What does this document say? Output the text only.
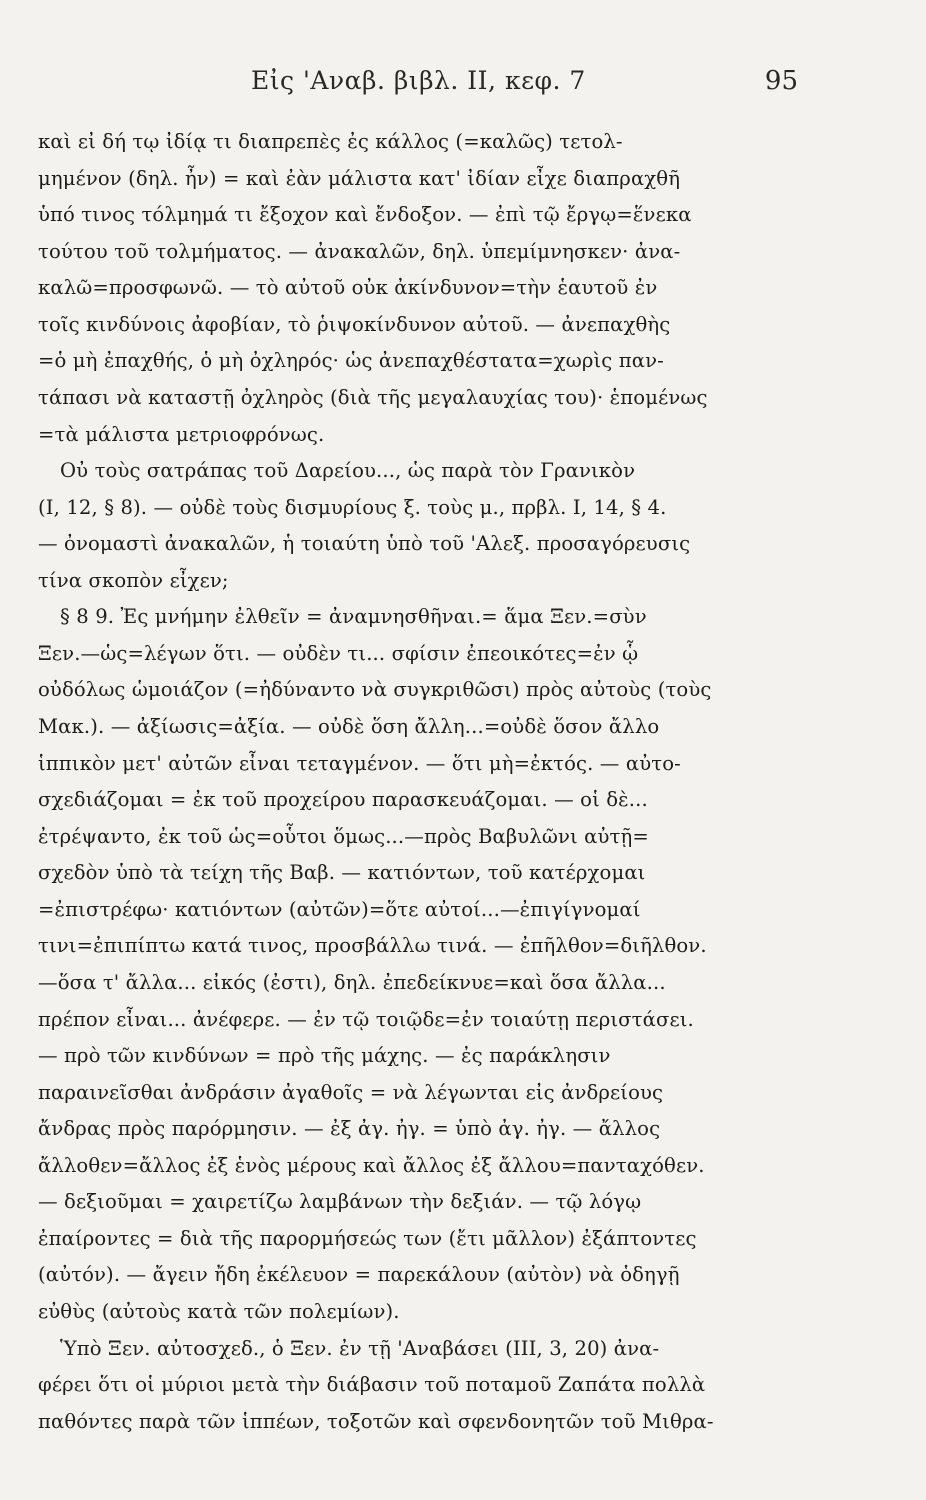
Εἰς 'Αναβ. βιβλ. II, κεφ. 7	95
καὶ εἰ δή τῳ ἰδίᾳ τι διαπρεπὲς ἐς κάλλος (=καλῶς) τετολ-
μημένον (δηλ. ἦν) = καὶ ἐὰν μάλιστα κατ' ἰδίαν εἶχε διαπραχθῆ
ὑπό τινος τόλμημά τι ἔξοχον καὶ ἔνδοξον. — ἐπὶ τῷ ἔργῳ=ἕνεκα
τούτου τοῦ τολμήματος. — ἀνακαλῶν, δηλ. ὑπεμίμνησκεν· ἀνα-
καλῶ=προσφωνῶ. — τὸ αὐτοῦ οὐκ ἀκίνδυνον=τὴν ἑαυτοῦ ἐν
τοῖς κινδύνοις ἀφοβίαν, τὸ ῥιψοκίνδυνον αὐτοῦ. — ἀνεπαχθὴς
=ὁ μὴ ἐπαχθής, ὁ μὴ ὀχληρός· ὡς ἀνεπαχθέστατα=χωρὶς παν-
τάπασι νὰ καταστῇ ὀχληρὸς (διὰ τῆς μεγαλαυχίας του)· ἑπομένως
=τὰ μάλιστα μετριοφρόνως.
Οὐ τοὺς σατράπας τοῦ Δαρείου..., ὡς παρὰ τὸν Γρανικὸν
(I, 12, § 8). — οὐδὲ τοὺς δισμυρίους ξ. τοὺς μ., πρβλ. I, 14, § 4.
— ὀνομαστὶ ἀνακαλῶν, ἡ τοιαύτη ὑπὸ τοῦ 'Αλεξ. προσαγόρευσις
τίνα σκοπὸν εἶχεν;
§ 8 9. Ἐς μνήμην ἐλθεῖν = ἀναμνησθῆναι.= ἅμα Ξεν.=σὺν
Ξεν.—ὡς=λέγων ὅτι. — οὐδὲν τι... σφίσιν ἐπεοικότες=ἐν ᾧ
οὐδόλως ὡμοιάζον (=ἠδύναντο νὰ συγκριθῶσι) πρὸς αὐτοὺς (τοὺς
Μακ.). — ἀξίωσις=ἀξία. — οὐδὲ ὅση ἄλλη...=οὐδὲ ὅσον ἄλλο
ἱππικὸν μετ' αὐτῶν εἶναι τεταγμένον. — ὅτι μὴ=ἐκτός. — αὐτο-
σχεδιάζομαι = ἐκ τοῦ προχείρου παρασκευάζομαι. — οἱ δὲ...
ἐτρέψαντο, ἐκ τοῦ ὡς=οὗτοι ὅμως...—πρὸς Βαβυλῶνι αὐτῇ=
σχεδὸν ὑπὸ τὰ τείχη τῆς Βαβ. — κατιόντων, τοῦ κατέρχομαι
=ἐπιστρέφω· κατιόντων (αὐτῶν)=ὅτε αὐτοί...—ἐπιγίγνομαί
τινι=ἐπιπίπτω κατά τινος, προσβάλλω τινά. — ἐπῆλθον=διῆλθον.
—ὅσα τ' ἄλλα... εἰκός (ἐστι), δηλ. ἐπεδείκνυε=καὶ ὅσα ἄλλα...
πρέπον εἶναι... ἀνέφερε. — ἐν τῷ τοιῷδε=ἐν τοιαύτῃ περιστάσει.
— πρὸ τῶν κινδύνων = πρὸ τῆς μάχης. — ἐς παράκλησιν
παραινεῖσθαι ἀνδράσιν ἀγαθοῖς = νὰ λέγωνται εἰς ἀνδρείους
ἄνδρας πρὸς παρόρμησιν. — ἐξ ἀγ. ἠγ. = ὑπὸ ἀγ. ἠγ. — ἄλλος
ἄλλοθεν=ἄλλος ἐξ ἑνὸς μέρους καὶ ἄλλος ἐξ ἄλλου=πανταχόθεν.
— δεξιοῦμαι = χαιρετίζω λαμβάνων τὴν δεξιάν. — τῷ λόγῳ
ἐπαίροντες = διὰ τῆς παρορμήσεώς των (ἔτι μᾶλλον) ἐξάπτοντες
(αὐτόν). — ἄγειν ἤδη ἐκέλευον = παρεκάλουν (αὐτὸν) νὰ ὁδηγῇ
εὐθὺς (αὐτοὺς κατὰ τῶν πολεμίων).
Ὑπὸ Ξεν. αὐτοσχεδ., ὁ Ξεν. ἐν τῇ 'Αναβάσει (III, 3, 20) ἀνα-
φέρει ὅτι οἱ μύριοι μετὰ τὴν διάβασιν τοῦ ποταμοῦ Ζαπάτα πολλὰ
παθόντες παρὰ τῶν ἱππέων, τοξοτῶν καὶ σφενδονητῶν τοῦ Μιθρα-
